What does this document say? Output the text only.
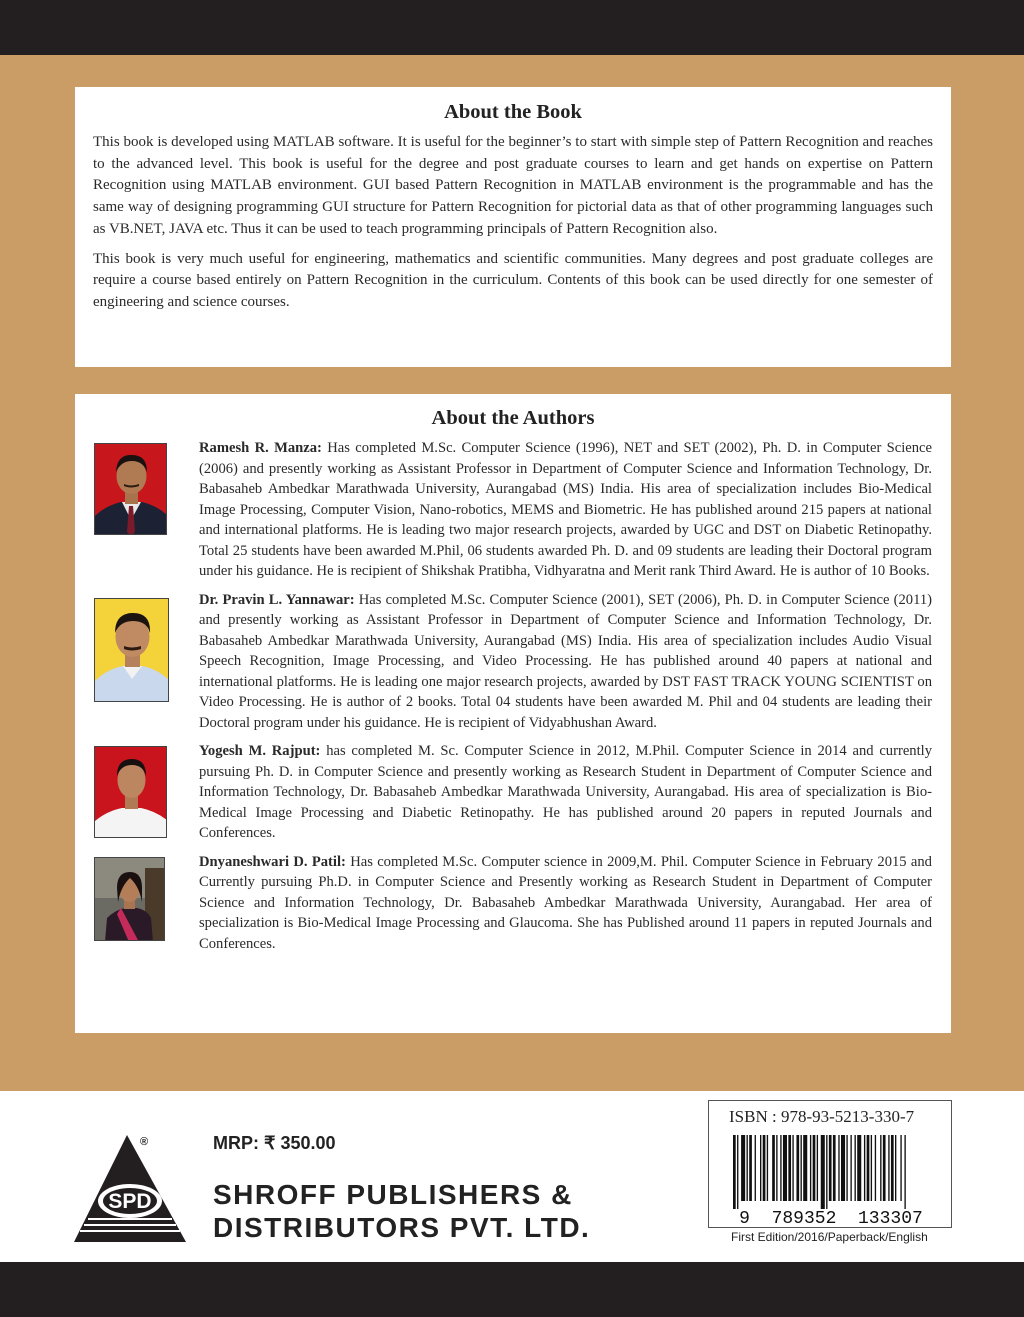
About the Book

This book is developed using MATLAB software. It is useful for the beginner’s to start with simple step of Pattern Recognition and reaches to the advanced level. This book is useful for the degree and post graduate courses to learn and get hands on expertise on Pattern Recognition using MATLAB environment. GUI based Pattern Recognition in MATLAB environment is the programmable and has the same way of designing programming GUI structure for Pattern Recognition for pictorial data as that of other programming languages such as VB.NET, JAVA etc. Thus it can be used to teach programming principals of Pattern Recognition also.

This book is very much useful for engineering, mathematics and scientific communities. Many degrees and post graduate colleges are require a course based entirely on Pattern Recognition in the curriculum. Contents of this book can be used directly for one semester of engineering and science courses.

About the Authors

Ramesh R. Manza: Has completed M.Sc. Computer Science (1996), NET and SET (2002), Ph. D. in Computer Science (2006) and presently working as Assistant Professor in Department of Computer Science and Information Technology, Dr. Babasaheb Ambedkar Marathwada University, Aurangabad (MS) India. His area of specialization includes Bio-Medical Image Processing, Computer Vision, Nano-robotics, MEMS and Biometric. He has published around 215 papers at national and international platforms. He is leading two major research projects, awarded by UGC and DST on Diabetic Retinopathy. Total 25 students have been awarded M.Phil, 06 students awarded Ph. D. and 09 students are leading their Doctoral program under his guidance. He is recipient of Shikshak Pratibha, Vidhyaratna and Merit rank Third Award. He is author of 10 Books.

Dr. Pravin L. Yannawar: Has completed M.Sc. Computer Science (2001), SET (2006), Ph. D. in Computer Science (2011) and presently working as Assistant Professor in Department of Computer Science and Information Technology, Dr. Babasaheb Ambedkar Marathwada University, Aurangabad (MS) India. His area of specialization includes Audio Visual Speech Recognition, Image Processing, and Video Processing. He has published around 40 papers at national and international platforms. He is leading one major research projects, awarded by DST FAST TRACK YOUNG SCIENTIST on Video Processing. He is author of 2 books. Total 04 students have been awarded M. Phil and 04 students are leading their Doctoral program under his guidance. He is recipient of Vidyabhushan Award.

Yogesh M. Rajput: has completed M. Sc. Computer Science in 2012, M.Phil. Computer Science in 2014 and currently pursuing Ph. D. in Computer Science and presently working as Research Student in Department of Computer Science and Information Technology, Dr. Babasaheb Ambedkar Marathwada University, Aurangabad. His area of specialization is Bio-Medical Image Processing and Diabetic Retinopathy. He has published around 20 papers in reputed Journals and Conferences.

Dnyaneshwari D. Patil: Has completed M.Sc. Computer science in 2009,M. Phil. Computer Science in February 2015 and Currently pursuing Ph.D. in Computer Science and Presently working as Research Student in Department of Computer Science and Information Technology, Dr. Babasaheb Ambedkar Marathwada University, Aurangabad. Her area of specialization is Bio-Medical Image Processing and Glaucoma. She has Published around 11 papers in reputed Journals and Conferences.

SPD
®	MRP: ₹ 350.00
SHROFF PUBLISHERS &
DISTRIBUTORS PVT. LTD.
ISBN : 978-93-5213-330-7
9  789352  133307
First Edition/2016/Paperback/English
